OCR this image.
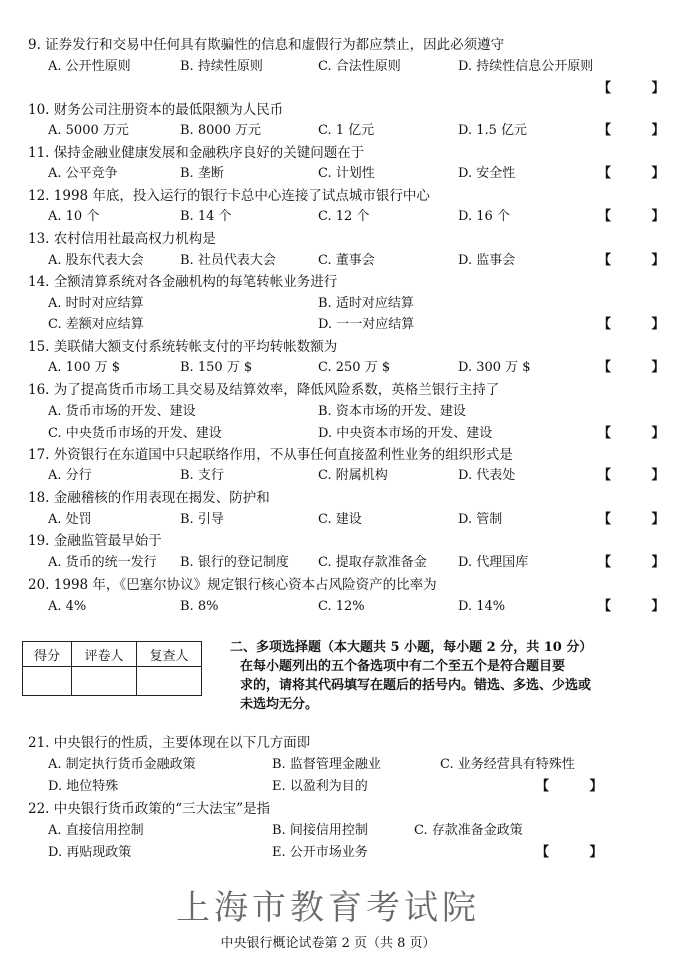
9. 证券发行和交易中任何具有欺骗性的信息和虚假行为都应禁止，因此必须遵守
A. 公开性原则	B. 持续性原则	C. 合法性原则	D. 持续性信息公开原则
【 】
10. 财务公司注册资本的最低限额为人民币
A. 5000 万元	B. 8000 万元	C. 1 亿元	D. 1.5 亿元	【 】
11. 保持金融业健康发展和金融秩序良好的关键问题在于
A. 公平竞争	B. 垄断	C. 计划性	D. 安全性	【 】
12. 1998 年底，投入运行的银行卡总中心连接了试点城市银行中心
A. 10 个	B. 14 个	C. 12 个	D. 16 个	【 】
13. 农村信用社最高权力机构是
A. 股东代表大会	B. 社员代表大会	C. 董事会	D. 监事会	【 】
14. 全额清算系统对各金融机构的每笔转帐业务进行
A. 时时对应结算	B. 适时对应结算
C. 差额对应结算	D. 一一对应结算	【 】
15. 美联储大额支付系统转帐支付的平均转帐数额为
A. 100 万 $	B. 150 万 $	C. 250 万 $	D. 300 万 $	【 】
16. 为了提高货币市场工具交易及结算效率，降低风险系数，英格兰银行主持了
A. 货币市场的开发、建设	B. 资本市场的开发、建设
C. 中央货币市场的开发、建设	D. 中央资本市场的开发、建设	【 】
17. 外资银行在东道国中只起联络作用，不从事任何直接盈利性业务的组织形式是
A. 分行	B. 支行	C. 附属机构	D. 代表处	【 】
18. 金融稽核的作用表现在揭发、防护和
A. 处罚	B. 引导	C. 建设	D. 管制	【 】
19. 金融监管最早始于
A. 货币的统一发行 B. 银行的登记制度 C. 提取存款准备金 D. 代理国库	【 】
20. 1998 年，《巴塞尔协议》规定银行核心资本占风险资产的比率为
A. 4%	B. 8%	C. 12%	D. 14%	【 】
得分	评卷人	复查人

二、多项选择题（本大题共 5 小题，每小题 2 分，共 10 分）
在每小题列出的五个备选项中有二个至五个是符合题目要
求的，请将其代码填写在题后的括号内。错选、多选、少选或
未选均无分。
21. 中央银行的性质，主要体现在以下几方面即
A. 制定执行货币金融政策	B. 监督管理金融业	C. 业务经营具有特殊性
D. 地位特殊	E. 以盈利为目的	【 】
22. 中央银行货币政策的“三大法宝”是指
A. 直接信用控制	B. 间接信用控制	C. 存款准备金政策
D. 再贴现政策	E. 公开市场业务	【 】
上海市教育考试院
中央银行概论试卷第 2 页（共 8 页）
